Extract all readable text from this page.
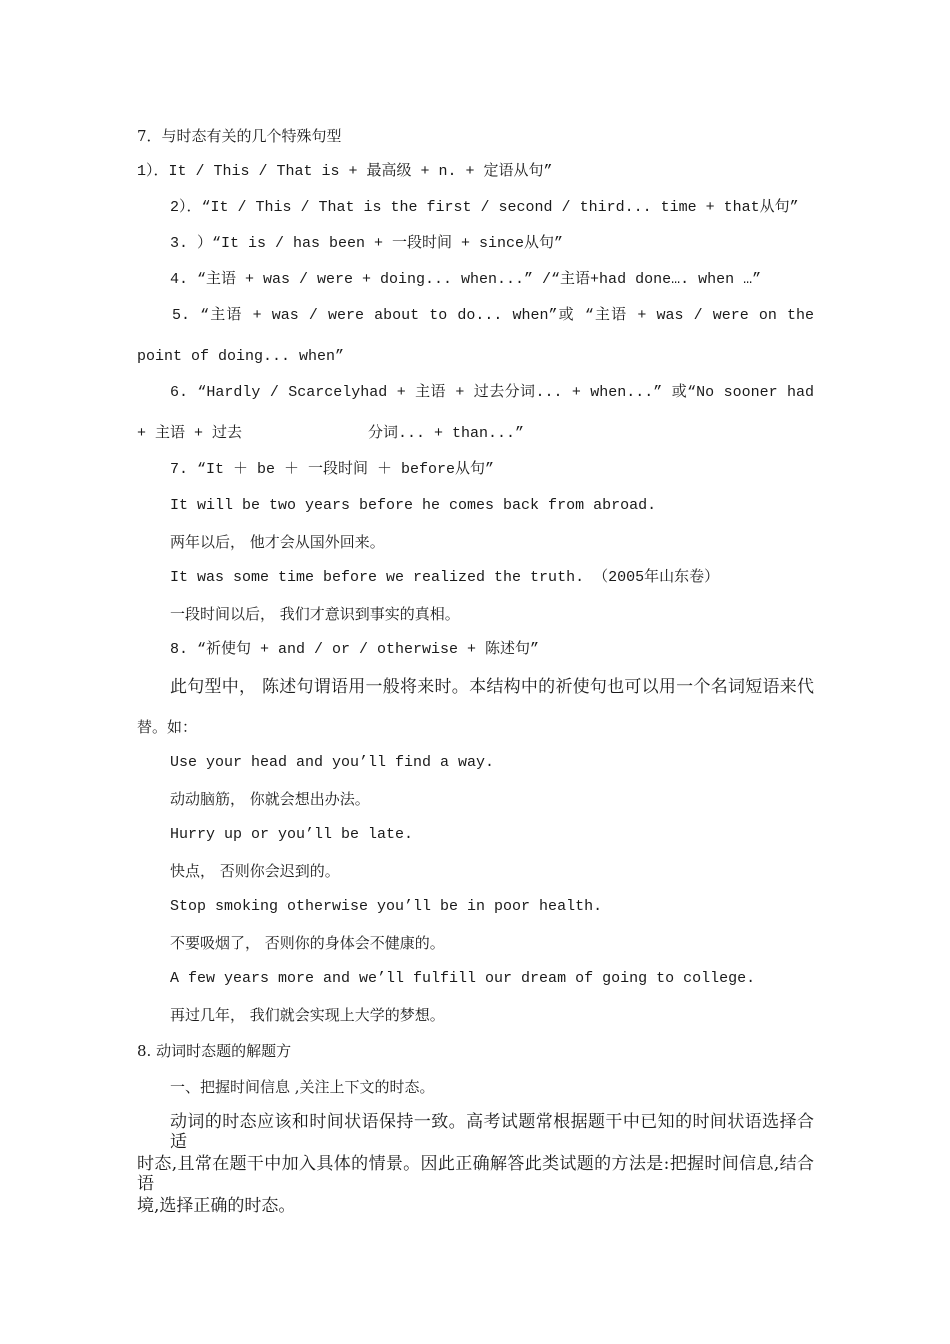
7．与时态有关的几个特殊句型
1）．It / This / That is + 最高级 + n. + 定语从句”
2）．“It / This / That is the first / second / third... time + that从句”
3. ）“It is / has been + 一段时间 + since从句”
4. “主语 + was / were + doing... when...” /“主语+had done…. when …”
5. “主语 + was / were about to do... when”或 “主语 + was / were on the
point of doing... when”
6. “Hardly / Scarcelyhad + 主语 + 过去分词... + when...” 或“No sooner had
+ 主语 + 过去              分词... + than...”
7. “It ＋ be ＋ 一段时间 ＋ before从句”
It will be two years before he comes back from abroad.
两年以后， 他才会从国外回来。
It was some time before we realized the truth. （2005年山东卷）
一段时间以后， 我们才意识到事实的真相。
8. “祈使句 + and / or / otherwise + 陈述句”
此句型中， 陈述句谓语用一般将来时。本结构中的祈使句也可以用一个名词短语来代
替。如：
Use your head and you’ll find a way.
动动脑筋， 你就会想出办法。
Hurry up or you’ll be late.
快点， 否则你会迟到的。
Stop smoking otherwise you’ll be in poor health.
不要吸烟了， 否则你的身体会不健康的。
A few years more and we’ll fulfill our dream of going to college.
再过几年， 我们就会实现上大学的梦想。
8. 动词时态题的解题方
一、把握时间信息 ,关注上下文的时态。
动词的时态应该和时间状语保持一致。高考试题常根据题干中已知的时间状语选择合适
时态,且常在题干中加入具体的情景。因此正确解答此类试题的方法是:把握时间信息,结合语
境,选择正确的时态。
